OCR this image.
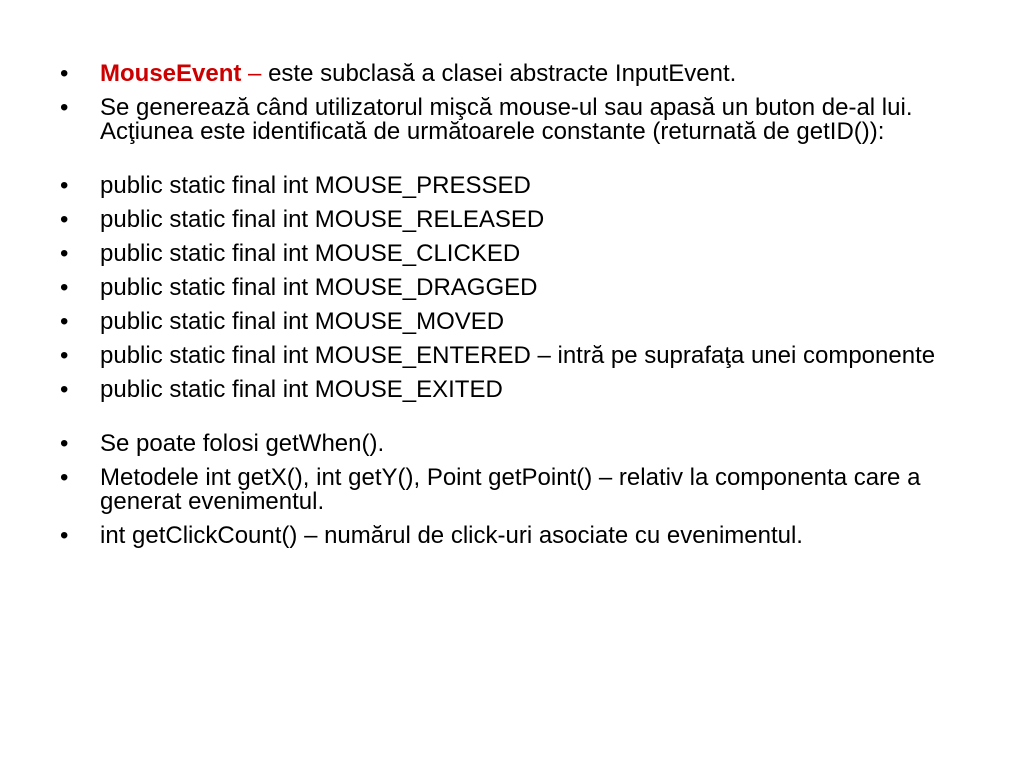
• MouseEvent – este subclasă a clasei abstracte InputEvent.
• Se generează când utilizatorul mişcă mouse-ul sau apasă un buton de-al lui. Acţiunea este identificată de următoarele constante (returnată de getID()):
• public static final int MOUSE_PRESSED
• public static final int MOUSE_RELEASED
• public static final int MOUSE_CLICKED
• public static final int MOUSE_DRAGGED
• public static final int MOUSE_MOVED
• public static final int MOUSE_ENTERED – intră pe suprafaţa unei componente
• public static final int MOUSE_EXITED
• Se poate folosi getWhen().
• Metodele int getX(), int getY(), Point getPoint() – relativ la componenta care a generat evenimentul.
• int getClickCount() – numărul de click-uri asociate cu evenimentul.
